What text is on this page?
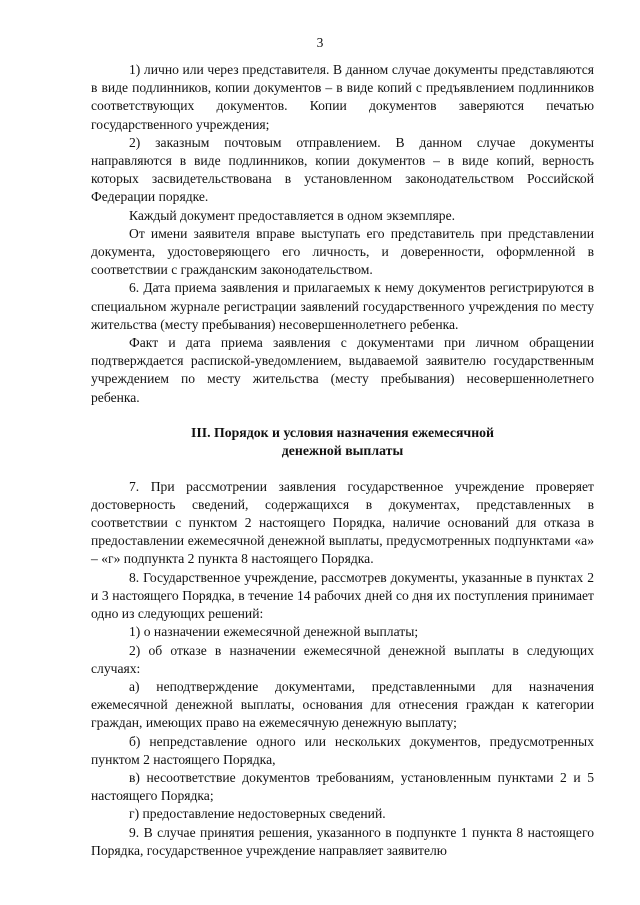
3

1) лично или через представителя. В данном случае документы представляются в виде подлинников, копии документов – в виде копий с предъявлением подлинников соответствующих документов. Копии документов заверяются печатью государственного учреждения;

2) заказным почтовым отправлением. В данном случае документы направляются в виде подлинников, копии документов – в виде копий, верность которых засвидетельствована в установленном законодательством Российской Федерации порядке.

Каждый документ предоставляется в одном экземпляре.

От имени заявителя вправе выступать его представитель при представлении документа, удостоверяющего его личность, и доверенности, оформленной в соответствии с гражданским законодательством.

6. Дата приема заявления и прилагаемых к нему документов регистрируются в специальном журнале регистрации заявлений государственного учреждения по месту жительства (месту пребывания) несовершеннолетнего ребенка.

Факт и дата приема заявления с документами при личном обращении подтверждается распиской-уведомлением, выдаваемой заявителю государственным учреждением по месту жительства (месту пребывания) несовершеннолетнего ребенка.

III. Порядок и условия назначения ежемесячной

денежной выплаты

7. При рассмотрении заявления государственное учреждение проверяет достоверность сведений, содержащихся в документах, представленных в соответствии с пунктом 2 настоящего Порядка, наличие оснований для отказа в предоставлении ежемесячной денежной выплаты, предусмотренных подпунктами «а» – «г» подпункта 2 пункта 8 настоящего Порядка.

8. Государственное учреждение, рассмотрев документы, указанные в пунктах 2 и 3 настоящего Порядка, в течение 14 рабочих дней со дня их поступления принимает одно из следующих решений:

1) о назначении ежемесячной денежной выплаты;

2) об отказе в назначении ежемесячной денежной выплаты в следующих случаях:

а) неподтверждение документами, представленными для назначения ежемесячной денежной выплаты, основания для отнесения граждан к категории граждан, имеющих право на ежемесячную денежную выплату;

б) непредставление одного или нескольких документов, предусмотренных пунктом 2 настоящего Порядка,

в) несоответствие документов требованиям, установленным пунктами 2 и 5 настоящего Порядка;

г) предоставление недостоверных сведений.

9. В случае принятия решения, указанного в подпункте 1 пункта 8 настоящего Порядка, государственное учреждение направляет заявителю
